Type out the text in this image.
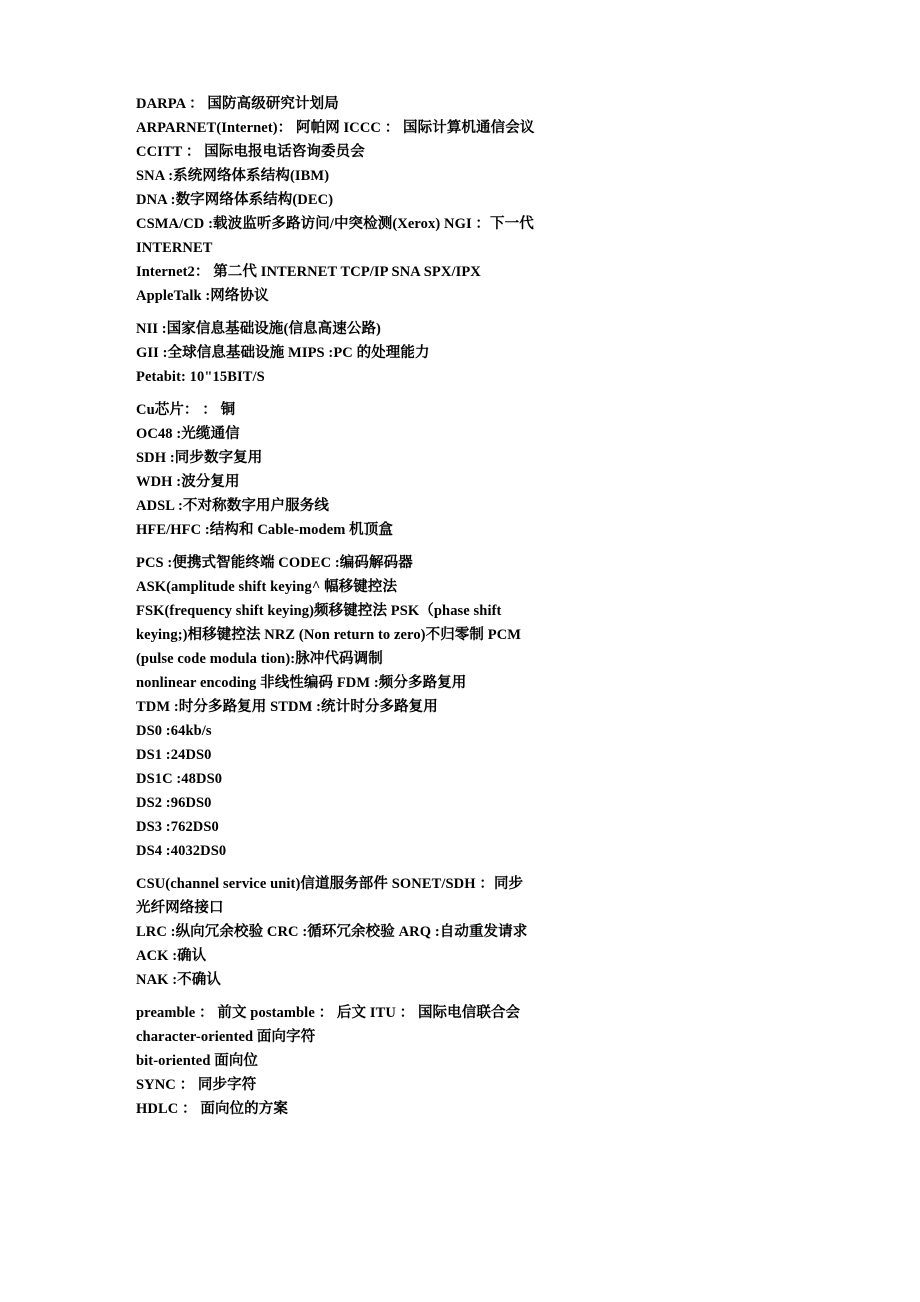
DARPA ： 国防高级研究计划局

ARPARNET(Internet)： 阿帕网 ICCC ： 国际计算机通信会议 CCITT ： 国际电报电话咨询委员会

SNA :系统网络体系结构(IBM)

DNA :数字网络体系结构(DEC)

CSMA/CD :载波监听多路访问/中突检测(Xerox) NGI ：下一代 INTERNET

Internet2： 第二代 INTERNET TCP/IP SNA SPX/IPX

AppleTalk :网络协议

NII :国家信息基础设施(信息高速公路)

GII :全球信息基础设施 MIPS :PC 的处理能力

Petabit: 10"15BIT/S

Cu芯片： ： 铜

OC48 :光缆通信

SDH :同步数字复用

WDH :波分复用

ADSL :不对称数字用户服务线

HFE/HFC :结构和 Cable-modem 机顶盒

PCS :便携式智能终端 CODEC :编码解码器

ASK(amplitude shift keying^ 幅移键控法

FSK(frequency shift keying)频移键控法 PSK（phase shift keying;)相移键控法 NRZ (Non return to zero)不归零制 PCM (pulse code modula tion):脉冲代码调制

nonlinear encoding 非线性编码 FDM :频分多路复用

TDM :时分多路复用 STDM :统计时分多路复用

DS0 :64kb/s

DS1 :24DS0

DS1C :48DS0

DS2 :96DS0

DS3 :762DS0

DS4 :4032DS0

CSU(channel service unit)信道服务部件 SONET/SDH ：同步光纤网络接口

LRC :纵向冗余校验 CRC :循环冗余校验 ARQ :自动重发请求

ACK :确认

NAK :不确认

preamble ： 前文 postamble ： 后文 ITU ： 国际电信联合会 character-oriented 面向字符

bit-oriented 面向位

SYNC ： 同步字符

HDLC ： 面向位的方案
